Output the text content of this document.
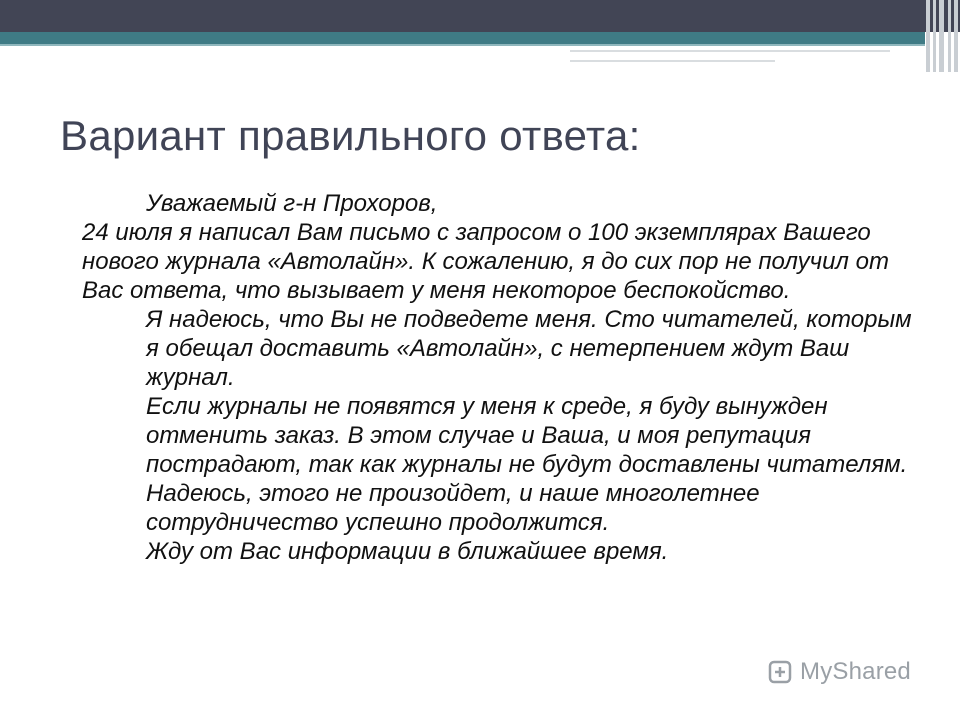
Вариант правильного ответа:

Уважаемый г-н Прохоров,

24 июля я написал Вам письмо с запросом о 100 экземплярах Вашего нового журнала «Автолайн». К сожалению, я до сих пор не получил от Вас ответа, что вызывает у меня некоторое беспокойство.

Я надеюсь, что Вы не подведете меня. Сто читателей, которым я обещал доставить «Автолайн», с нетерпением ждут Ваш журнал.

Если журналы не появятся у меня к среде, я буду вынужден отменить заказ. В этом случае и Ваша, и моя репутация пострадают, так как журналы не будут доставлены читателям. Надеюсь, этого не произойдет, и наше многолетнее сотрудничество успешно продолжится.

Жду от Вас информации в ближайшее время.

MyShared
